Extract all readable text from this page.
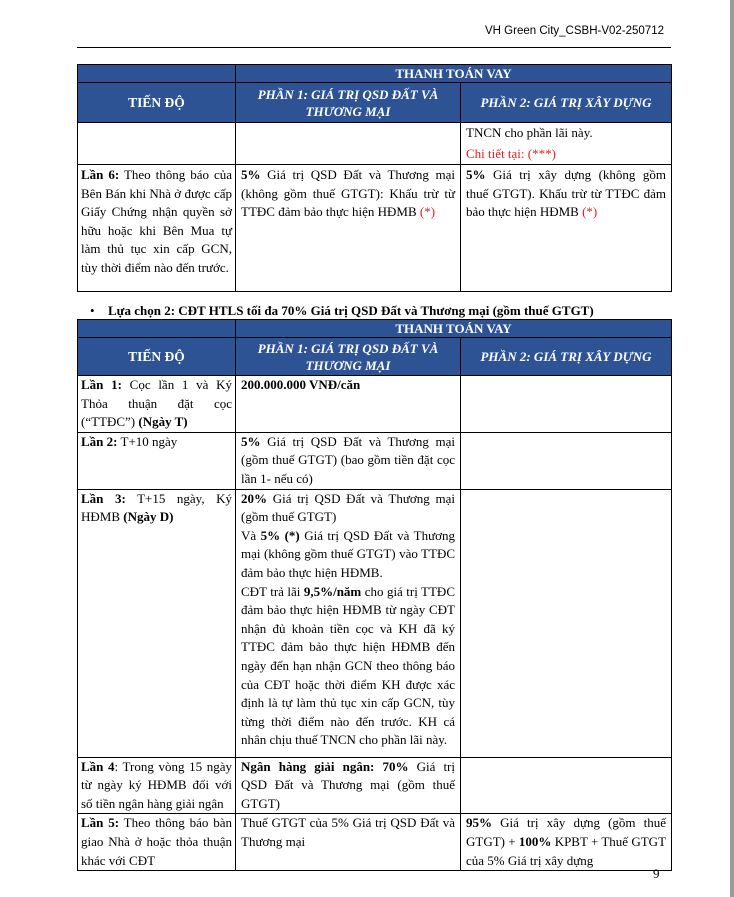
VH Green City_CSBH-V02-250712
	THANH TOÁN VAY	
TIẾN ĐỘ	PHẦN 1: GIÁ TRỊ QSD ĐẤT VÀ THƯƠNG MẠI	PHẦN 2: GIÁ TRỊ XÂY DỰNG

		TNCN cho phần lãi này.
Chi tiết tại: (***)

Lần 6: Theo thông báo của Bên Bán khi Nhà ở được cấp Giấy Chứng nhận quyền sở hữu hoặc khi Bên Mua tự làm thủ tục xin cấp GCN, tùy thời điểm nào đến trước.	5% Giá trị QSD Đất và Thương mại (không gồm thuế GTGT): Khấu trừ từ TTĐC đảm bảo thực hiện HĐMB (*)	5% Giá trị xây dựng (không gồm thuế GTGT). Khấu trừ từ TTĐC đảm bảo thực hiện HĐMB (*)
• Lựa chọn 2: CĐT HTLS tối đa 70% Giá trị QSD Đất và Thương mại (gồm thuế GTGT)
	THANH TOÁN VAY	
TIẾN ĐỘ	PHẦN 1: GIÁ TRỊ QSD ĐẤT VÀ THƯƠNG MẠI	PHẦN 2: GIÁ TRỊ XÂY DỰNG
Lần 1: Cọc lần 1 và Ký Thỏa thuận đặt cọc (“TTĐC”) (Ngày T)	200.000.000 VNĐ/căn	
Lần 2: T+10 ngày	5% Giá trị QSD Đất và Thương mại (gồm thuế GTGT) (bao gồm tiền đặt cọc lần 1- nếu có)	
Lần 3: T+15 ngày, Ký HĐMB (Ngày D)	20% Giá trị QSD Đất và Thương mại (gồm thuế GTGT)
Và 5% (*) Giá trị QSD Đất và Thương mại (không gồm thuế GTGT) vào TTĐC đảm bảo thực hiện HĐMB.
CĐT trả lãi 9,5%/năm cho giá trị TTĐC đảm bảo thực hiện HĐMB từ ngày CĐT nhận đủ khoản tiền cọc và KH đã ký TTĐC đảm bảo thực hiện HĐMB đến ngày đến hạn nhận GCN theo thông báo của CĐT hoặc thời điểm KH được xác định là tự làm thủ tục xin cấp GCN, tùy từng thời điểm nào đến trước. KH cá nhân chịu thuế TNCN cho phần lãi này.	

Lần 4: Trong vòng 15 ngày từ ngày ký HĐMB đối với số tiền ngân hàng giải ngân	Ngân hàng giải ngân: 70% Giá trị QSD Đất và Thương mại (gồm thuế GTGT)	
Lần 5: Theo thông báo bàn giao Nhà ở hoặc thỏa thuận khác với CĐT	Thuế GTGT của 5% Giá trị QSD Đất và Thương mại	95% Giá trị xây dựng (gồm thuế GTGT) + 100% KPBT + Thuế GTGT của 5% Giá trị xây dựng
9
